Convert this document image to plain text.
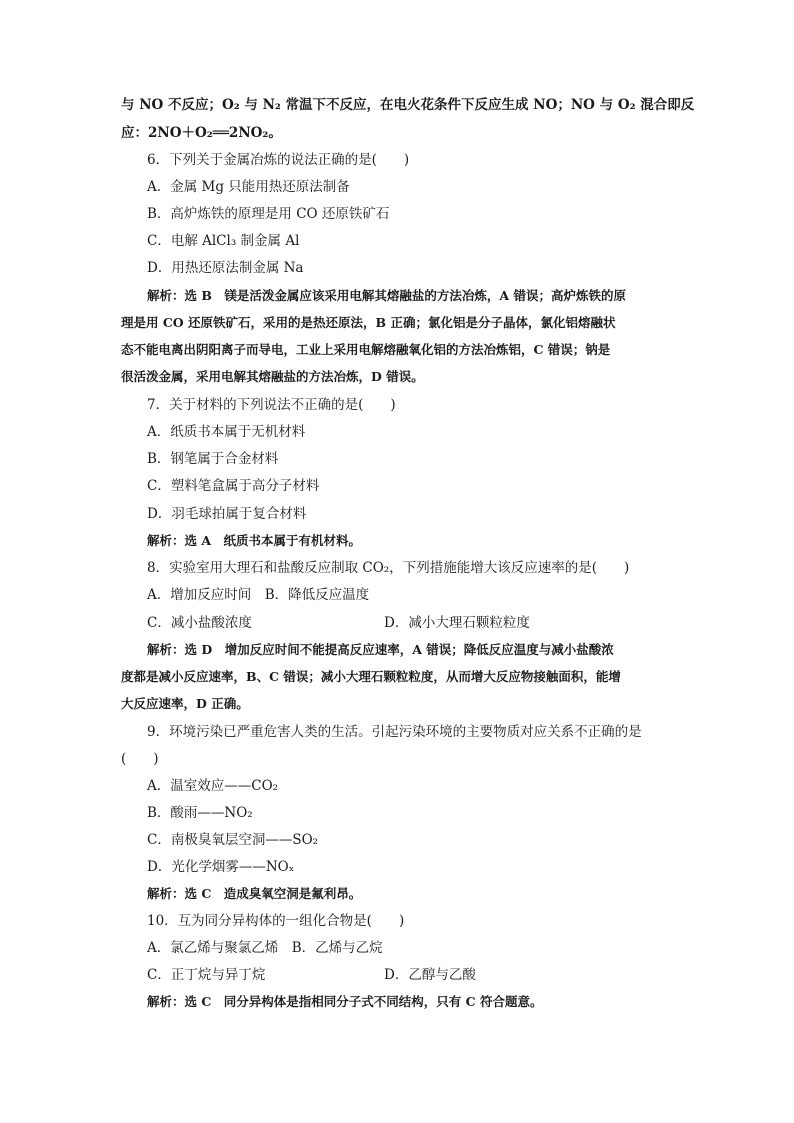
与 NO 不反应；O₂ 与 N₂ 常温下不反应，在电火花条件下反应生成 NO；NO 与 O₂ 混合即反
应：2NO＋O₂══2NO₂。
6．下列关于金属冶炼的说法正确的是(　　)
A．金属 Mg 只能用热还原法制备
B．高炉炼铁的原理是用 CO 还原铁矿石
C．电解 AlCl₃ 制金属 Al
D．用热还原法制金属 Na
解析：选 B　镁是活泼金属应该采用电解其熔融盐的方法冶炼，A 错误；高炉炼铁的原
理是用 CO 还原铁矿石，采用的是热还原法，B 正确；氯化铝是分子晶体，氯化铝熔融状
态不能电离出阴阳离子而导电，工业上采用电解熔融氧化铝的方法冶炼铝，C 错误；钠是
很活泼金属，采用电解其熔融盐的方法冶炼，D 错误。
7．关于材料的下列说法不正确的是(　　)
A．纸质书本属于无机材料
B．钢笔属于合金材料
C．塑料笔盒属于高分子材料
D．羽毛球拍属于复合材料
解析：选 A　纸质书本属于有机材料。
8．实验室用大理石和盐酸反应制取 CO₂，下列措施能增大该反应速率的是(　　)
A．增加反应时间　B．降低反应温度
C．减小盐酸浓度	D．减小大理石颗粒粒度
解析：选 D　增加反应时间不能提高反应速率，A 错误；降低反应温度与减小盐酸浓
度都是减小反应速率，B、C 错误；减小大理石颗粒粒度，从而增大反应物接触面积，能增
大反应速率，D 正确。
9．环境污染已严重危害人类的生活。引起污染环境的主要物质对应关系不正确的是
(　　)
A．温室效应——CO₂
B．酸雨——NO₂
C．南极臭氧层空洞——SO₂
D．光化学烟雾——NOₓ
解析：选 C　造成臭氧空洞是氟利昂。
10．互为同分异构体的一组化合物是(　　)
A．氯乙烯与聚氯乙烯　B．乙烯与乙烷
C．正丁烷与异丁烷	D．乙醇与乙酸
解析：选 C　同分异构体是指相同分子式不同结构，只有 C 符合题意。
